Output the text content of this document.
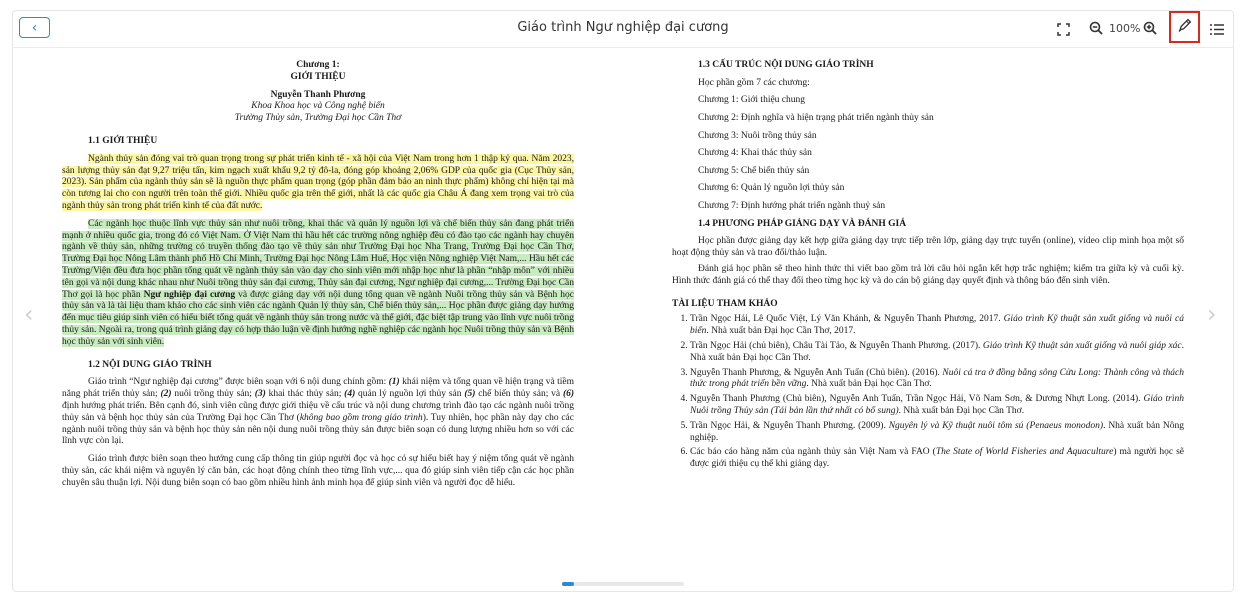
‹	Giáo trình Ngư nghiệp đại cương	100%
‹	›
Chương 1:
GIỚI THIỆU
Nguyễn Thanh Phương
Khoa Khoa học và Công nghệ biển
Trường Thủy sản, Trường Đại học Cần Thơ
1.1 GIỚI THIỆU

Ngành thủy sản đóng vai trò quan trọng trong sự phát triển kinh tế - xã hội của Việt Nam trong hơn 1 thập kỷ qua. Năm 2023, sản lượng thủy sản đạt 9,27 triệu tấn, kim ngạch xuất khẩu 9,2 tỷ đô-la, đóng góp khoảng 2,06% GDP của quốc gia (Cục Thủy sản, 2023). Sản phẩm của ngành thủy sản sẽ là nguồn thực phẩm quan trọng (góp phần đảm bảo an ninh thực phẩm) không chỉ hiện tại mà còn tương lai cho con người trên toàn thế giới. Nhiều quốc gia trên thế giới, nhất là các quốc gia Châu Á đang xem trọng vai trò của ngành thủy sản trong phát triển kinh tế của đất nước.

Các ngành học thuộc lĩnh vực thủy sản như nuôi trồng, khai thác và quản lý nguồn lợi và chế biến thủy sản đang phát triển mạnh ở nhiều quốc gia, trong đó có Việt Nam. Ở Việt Nam thì hầu hết các trường nông nghiệp đều có đào tạo các ngành hay chuyên ngành về thủy sản, những trường có truyền thống đào tạo về thủy sản như Trường Đại học Nha Trang, Trường Đại học Cần Thơ, Trường Đại học Nông Lâm thành phố Hồ Chí Minh, Trường Đại học Nông Lâm Huế, Học viện Nông nghiệp Việt Nam,... Hầu hết các Trường/Viện đều đưa học phần tổng quát về ngành thủy sản vào dạy cho sinh viên mới nhập học như là phần “nhập môn” với nhiều tên gọi và nội dung khác nhau như Nuôi trồng thủy sản đại cương, Thủy sản đại cương, Ngư nghiệp đại cương,... Trường Đại học Cần Thơ gọi là học phần Ngư nghiệp đại cương và được giảng dạy với nội dung tổng quan về ngành Nuôi trồng thủy sản và Bệnh học thủy sản và là tài liệu tham khảo cho các sinh viên các ngành Quản lý thủy sản, Chế biến thủy sản,... Học phần được giảng dạy hướng đến mục tiêu giúp sinh viên có hiểu biết tổng quát về ngành thủy sản trong nước và thế giới, đặc biệt tập trung vào lĩnh vực nuôi trồng thủy sản. Ngoài ra, trong quá trình giảng dạy có hợp thảo luận về định hướng nghề nghiệp các ngành học Nuôi trồng thủy sản và Bệnh học thủy sản với sinh viên.

1.2 NỘI DUNG GIÁO TRÌNH

Giáo trình “Ngư nghiệp đại cương” được biên soạn với 6 nội dung chính gồm: (1) khái niệm và tổng quan về hiện trạng và tiềm năng phát triển thủy sản; (2) nuôi trồng thủy sản; (3) khai thác thủy sản; (4) quản lý nguồn lợi thủy sản (5) chế biến thủy sản; và (6) định hướng phát triển. Bên cạnh đó, sinh viên cũng được giới thiệu về cấu trúc và nội dung chương trình đào tạo các ngành nuôi trồng thủy sản và bệnh học thủy sản của Trường Đại học Cần Thơ (không bao gồm trong giáo trình). Tuy nhiên, học phần này dạy cho các ngành nuôi trồng thủy sản và bệnh học thủy sản nên nội dung nuôi trồng thủy sản được biên soạn có dung lượng nhiều hơn so với các lĩnh vực còn lại.

Giáo trình được biên soạn theo hướng cung cấp thông tin giúp người đọc và học có sự hiểu biết hay ý niệm tổng quát về ngành thủy sản, các khái niệm và nguyên lý căn bản, các hoạt động chính theo từng lĩnh vực,... qua đó giúp sinh viên tiếp cận các học phần chuyên sâu thuận lợi. Nội dung biên soạn có bao gồm nhiều hình ảnh minh họa để giúp sinh viên và người đọc dễ hiểu.

1.3 CẤU TRÚC NỘI DUNG GIÁO TRÌNH
Học phần gồm 7 các chương:
Chương 1: Giới thiệu chung
Chương 2: Định nghĩa và hiện trạng phát triển ngành thủy sản
Chương 3: Nuôi trồng thủy sản
Chương 4: Khai thác thủy sản
Chương 5: Chế biến thủy sản
Chương 6: Quản lý nguồn lợi thủy sản
Chương 7: Định hướng phát triển ngành thuỷ sản
1.4 PHƯƠNG PHÁP GIẢNG DẠY VÀ ĐÁNH GIÁ

Học phần được giảng dạy kết hợp giữa giảng dạy trực tiếp trên lớp, giảng dạy trực tuyến (online), video clip minh họa một số hoạt động thủy sản và trao đổi/thảo luận.

Đánh giá học phần sẽ theo hình thức thi viết bao gồm trả lời câu hỏi ngắn kết hợp trắc nghiệm; kiểm tra giữa kỳ và cuối kỳ. Hình thức đánh giá có thể thay đổi theo từng học kỳ và do cán bộ giảng dạy quyết định và thông báo đến sinh viên.

TÀI LIỆU THAM KHẢO
1. Trần Ngọc Hải, Lê Quốc Việt, Lý Văn Khánh, & Nguyễn Thanh Phương, 2017. Giáo trình Kỹ thuật sản xuất giống và nuôi cá biển. Nhà xuất bản Đại học Cần Thơ, 2017.
2. Trần Ngọc Hải (chủ biên), Châu Tài Tảo, & Nguyễn Thanh Phương. (2017). Giáo trình Kỹ thuật sản xuất giống và nuôi giáp xác. Nhà xuất bản Đại học Cần Thơ.
3. Nguyễn Thanh Phương, & Nguyễn Anh Tuấn (Chủ biên). (2016). Nuôi cá tra ở đồng bằng sông Cửu Long: Thành công và thách thức trong phát triển bền vững. Nhà xuất bản Đại học Cần Thơ.
4. Nguyễn Thanh Phương (Chủ biên), Nguyễn Anh Tuấn, Trần Ngọc Hải, Võ Nam Sơn, & Dương Nhựt Long. (2014). Giáo trình Nuôi trồng Thủy sản (Tái bản lần thứ nhất có bổ sung). Nhà xuất bản Đại học Cần Thơ.
5. Trần Ngọc Hải, & Nguyễn Thanh Phương. (2009). Nguyên lý và Kỹ thuật nuôi tôm sú (Penaeus monodon). Nhà xuất bản Nông nghiệp.
6. Các báo cáo hàng năm của ngành thủy sản Việt Nam và FAO (The State of World Fisheries and Aquaculture) mà người học sẽ được giới thiệu cụ thể khi giảng dạy.
